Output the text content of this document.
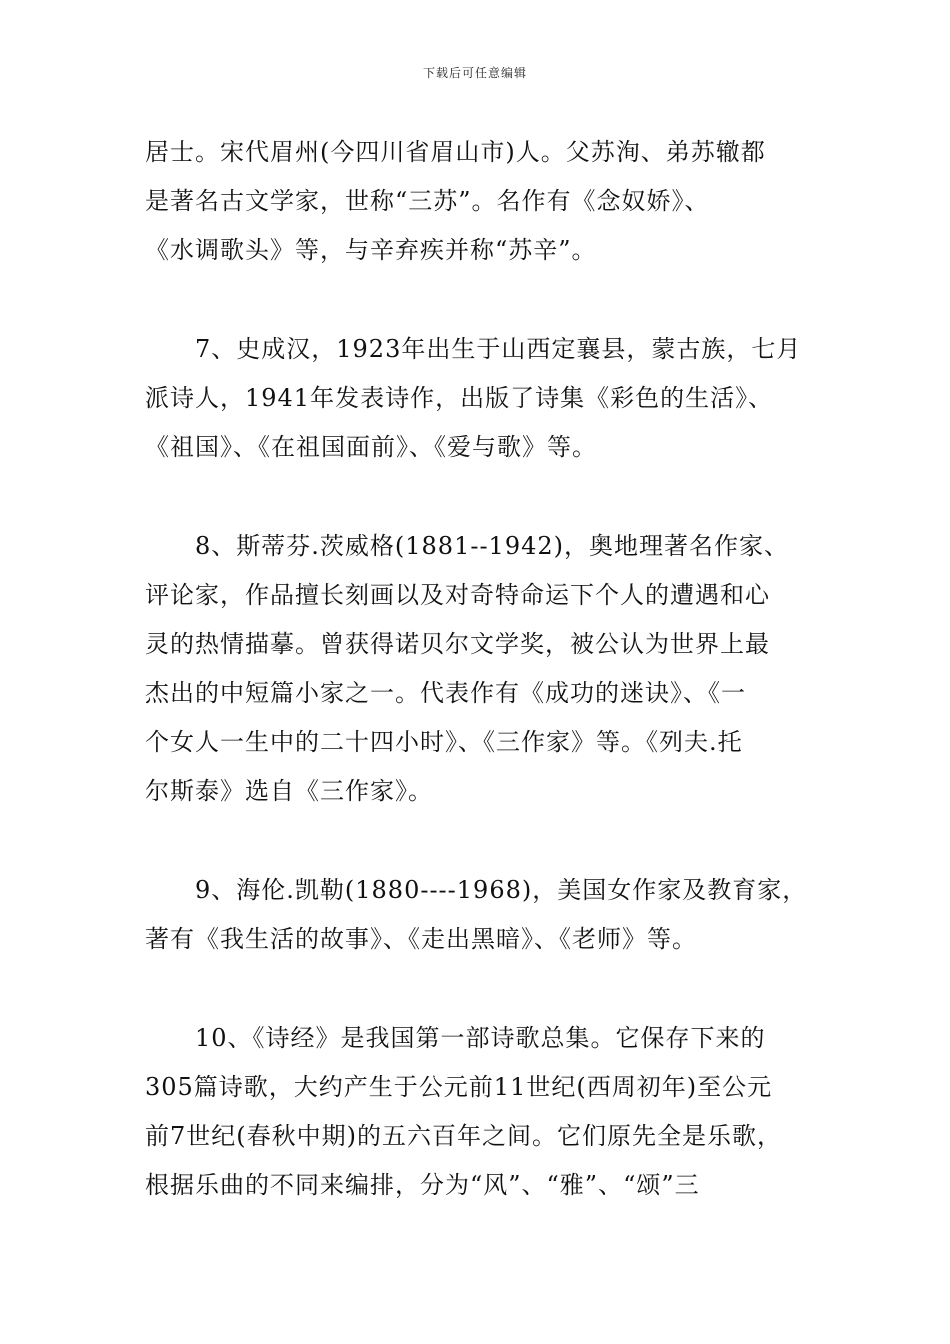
下载后可任意编辑
居士。宋代眉州(今四川省眉山市)人。父苏洵、弟苏辙都
是著名古文学家，世称“三苏”。名作有《念奴娇》、
《水调歌头》等，与辛弃疾并称“苏辛”。
7、史成汉，1923年出生于山西定襄县，蒙古族，七月
派诗人，1941年发表诗作，出版了诗集《彩色的生活》、
《祖国》、《在祖国面前》、《爱与歌》等。
8、斯蒂芬.茨威格(1881--1942)，奥地理著名作家、
评论家，作品擅长刻画以及对奇特命运下个人的遭遇和心
灵的热情描摹。曾获得诺贝尔文学奖，被公认为世界上最
杰出的中短篇小家之一。代表作有《成功的迷诀》、《一
个女人一生中的二十四小时》、《三作家》等。《列夫.托
尔斯泰》选自《三作家》。
9、海伦.凯勒(1880----1968)，美国女作家及教育家，
著有《我生活的故事》、《走出黑暗》、《老师》等。
10、《诗经》是我国第一部诗歌总集。它保存下来的
305篇诗歌，大约产生于公元前11世纪(西周初年)至公元
前7世纪(春秋中期)的五六百年之间。它们原先全是乐歌，
根据乐曲的不同来编排，分为“风”、“雅”、“颂”三
